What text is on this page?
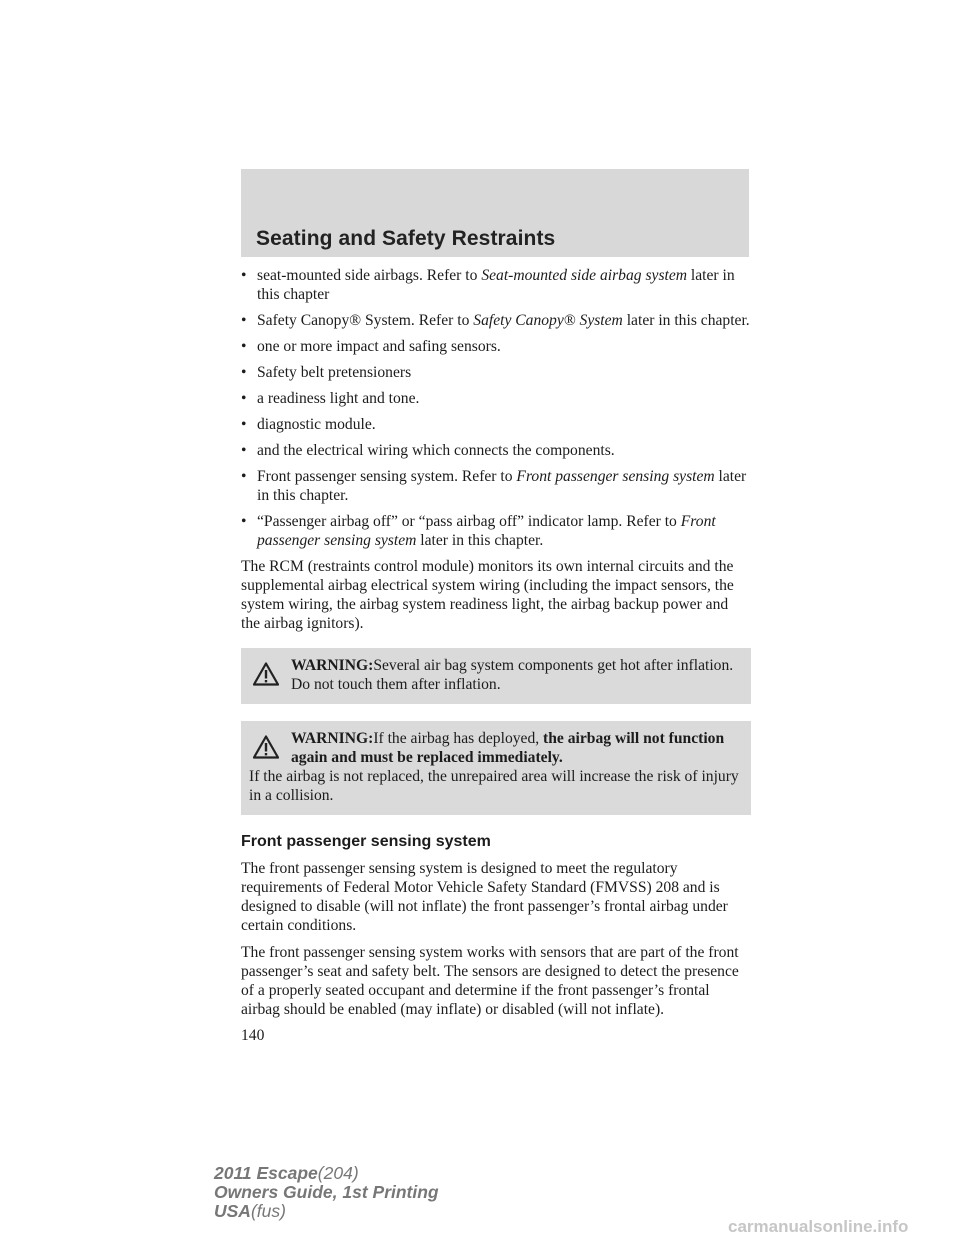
Seating and Safety Restraints
• seat-mounted side airbags. Refer to Seat-mounted side airbag system later in this chapter
• Safety Canopy® System. Refer to Safety Canopy® System later in this chapter.
• one or more impact and safing sensors.
• Safety belt pretensioners
• a readiness light and tone.
• diagnostic module.
• and the electrical wiring which connects the components.
• Front passenger sensing system. Refer to Front passenger sensing system later in this chapter.
• “Passenger airbag off” or “pass airbag off” indicator lamp. Refer to Front passenger sensing system later in this chapter.

The RCM (restraints control module) monitors its own internal circuits and the supplemental airbag electrical system wiring (including the impact sensors, the system wiring, the airbag system readiness light, the airbag backup power and the airbag ignitors).

WARNING:Several air bag system components get hot after inflation. Do not touch them after inflation.
WARNING:If the airbag has deployed, the airbag will not function again and must be replaced immediately.
If the airbag is not replaced, the unrepaired area will increase the risk of injury in a collision.
Front passenger sensing system

The front passenger sensing system is designed to meet the regulatory requirements of Federal Motor Vehicle Safety Standard (FMVSS) 208 and is designed to disable (will not inflate) the front passenger’s frontal airbag under certain conditions.

The front passenger sensing system works with sensors that are part of the front passenger’s seat and safety belt. The sensors are designed to detect the presence of a properly seated occupant and determine if the front passenger’s frontal airbag should be enabled (may inflate) or disabled (will not inflate).

140
2011 Escape(204)
Owners Guide, 1st Printing
USA(fus)
carmanualsonline.info
